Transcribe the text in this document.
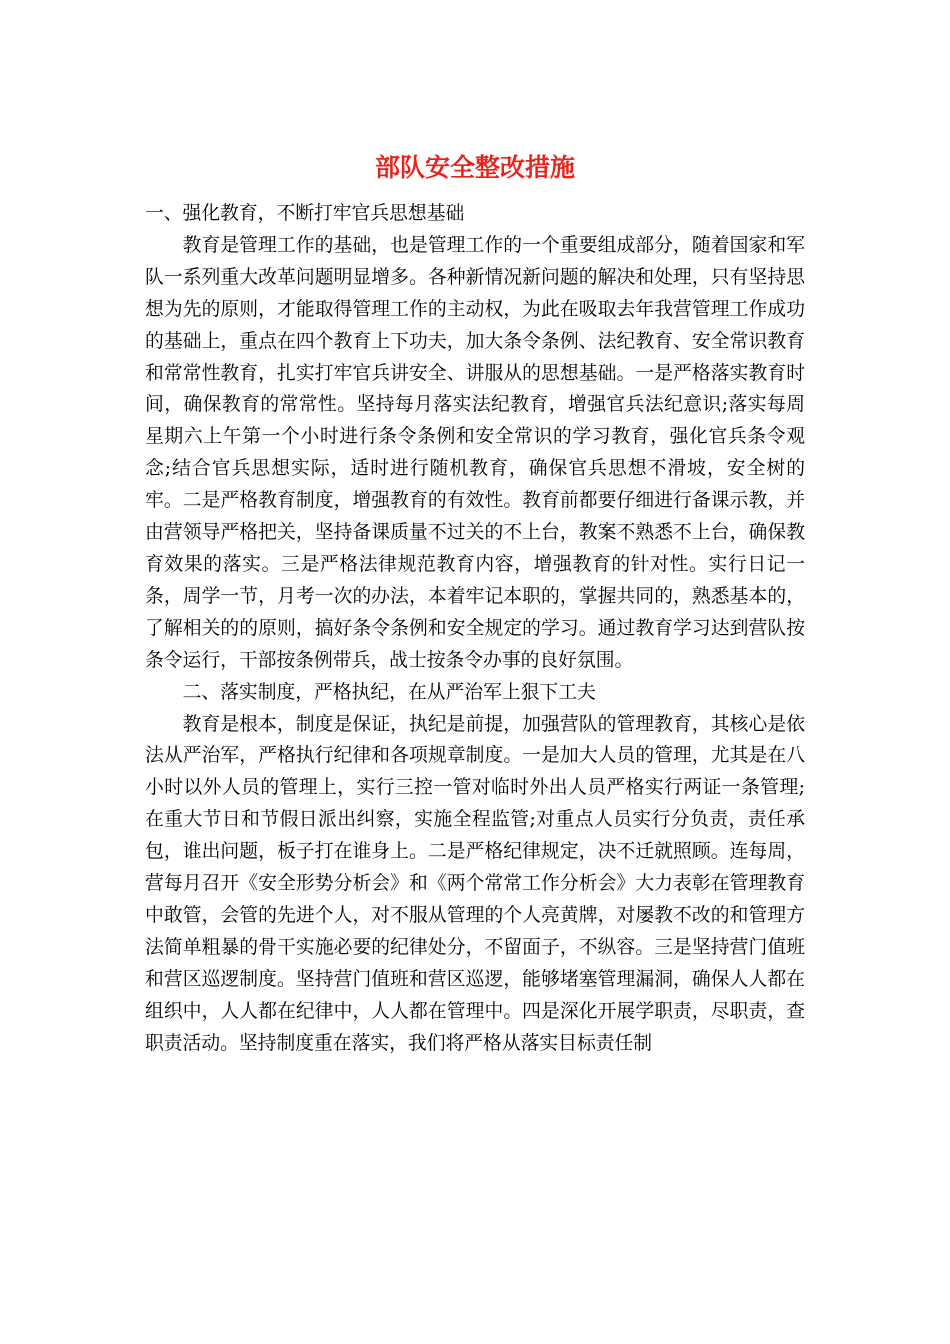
部队安全整改措施

一、强化教育，不断打牢官兵思想基础

教育是管理工作的基础，也是管理工作的一个重要组成部分，随着国家和军队一系列重大改革问题明显增多。各种新情况新问题的解决和处理，只有坚持思想为先的原则，才能取得管理工作的主动权，为此在吸取去年我营管理工作成功的基础上，重点在四个教育上下功夫，加大条令条例、法纪教育、安全常识教育和常常性教育，扎实打牢官兵讲安全、讲服从的思想基础。一是严格落实教育时间，确保教育的常常性。坚持每月落实法纪教育，增强官兵法纪意识;落实每周星期六上午第一个小时进行条令条例和安全常识的学习教育，强化官兵条令观念;结合官兵思想实际，适时进行随机教育，确保官兵思想不滑坡，安全树的牢。二是严格教育制度，增强教育的有效性。教育前都要仔细进行备课示教，并由营领导严格把关，坚持备课质量不过关的不上台，教案不熟悉不上台，确保教育效果的落实。三是严格法律规范教育内容，增强教育的针对性。实行日记一条，周学一节，月考一次的办法，本着牢记本职的，掌握共同的，熟悉基本的，了解相关的的原则，搞好条令条例和安全规定的学习。通过教育学习达到营队按条令运行，干部按条例带兵，战士按条令办事的良好氛围。

二、落实制度，严格执纪，在从严治军上狠下工夫

教育是根本，制度是保证，执纪是前提，加强营队的管理教育，其核心是依法从严治军，严格执行纪律和各项规章制度。一是加大人员的管理，尤其是在八小时以外人员的管理上，实行三控一管对临时外出人员严格实行两证一条管理;在重大节日和节假日派出纠察，实施全程监管;对重点人员实行分负责，责任承包，谁出问题，板子打在谁身上。二是严格纪律规定，决不迁就照顾。连每周，营每月召开《安全形势分析会》和《两个常常工作分析会》大力表彰在管理教育中敢管，会管的先进个人，对不服从管理的个人亮黄牌，对屡教不改的和管理方法简单粗暴的骨干实施必要的纪律处分，不留面子，不纵容。三是坚持营门值班和营区巡逻制度。坚持营门值班和营区巡逻，能够堵塞管理漏洞，确保人人都在组织中，人人都在纪律中，人人都在管理中。四是深化开展学职责，尽职责，查职责活动。坚持制度重在落实，我们将严格从落实目标责任制
